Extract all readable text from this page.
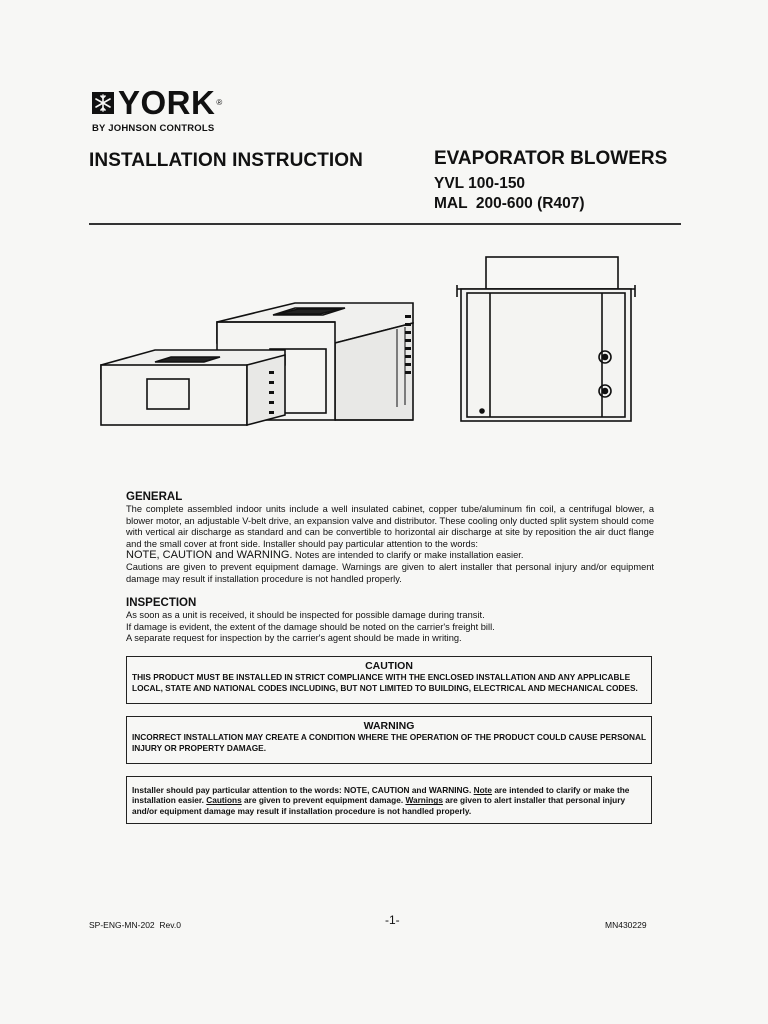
YORK ®
BY JOHNSON CONTROLS
INSTALLATION INSTRUCTION	EVAPORATOR BLOWERS
YVL 100-150
MAL  200-600 (R407)
GENERAL
The complete assembled indoor units include a well insulated cabinet, copper tube/aluminum fin coil, a centrifugal blower, a blower motor, an adjustable V-belt drive, an expansion valve and distributor. These cooling only ducted split system should come with vertical air discharge as standard and can be convertible to horizontal air discharge at site by reposition the air duct flange and the small cover at front side. Installer should pay particular attention to the words:
NOTE, CAUTION and WARNING. Notes are intended to clarify or make installation easier.
Cautions are given to prevent equipment damage. Warnings are given to alert installer that personal injury and/or equipment damage may result if installation procedure is not handled properly.
INSPECTION
As soon as a unit is received, it should be inspected for possible damage during transit.
If damage is evident, the extent of the damage should be noted on the carrier's freight bill.
A separate request for inspection by the carrier's agent should be made in writing.
CAUTION
THIS PRODUCT MUST BE INSTALLED IN STRICT COMPLIANCE WITH THE ENCLOSED INSTALLATION AND ANY APPLICABLE LOCAL, STATE AND NATIONAL CODES INCLUDING, BUT NOT LIMITED TO BUILDING, ELECTRICAL AND MECHANICAL CODES.
WARNING
INCORRECT INSTALLATION MAY CREATE A CONDITION WHERE THE OPERATION OF THE PRODUCT COULD CAUSE PERSONAL INJURY OR PROPERTY DAMAGE.
Installer should pay particular attention to the words: NOTE, CAUTION and WARNING. Note are intended to clarify or make the installation easier. Cautions are given to prevent equipment damage. Warnings are given to alert installer that personal injury and/or equipment damage may result if installation procedure is not handled properly.
SP-ENG-MN-202  Rev.0	-1-	MN430229
